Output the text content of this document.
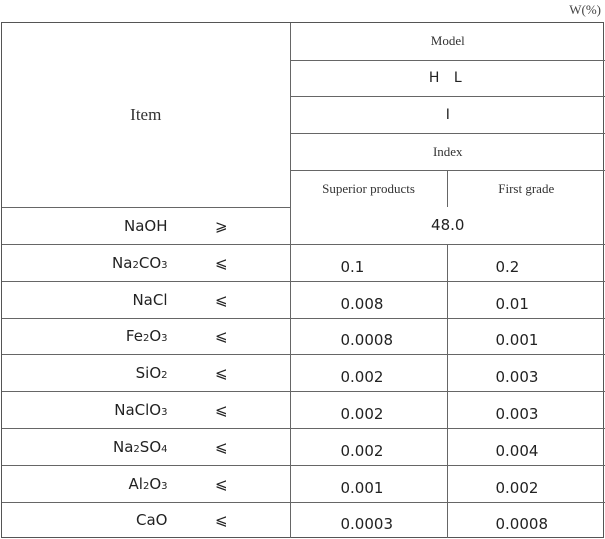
W(%)
Item	Model	
	H L	
	Ⅰ	
	Index	
	Superior products	First grade

NaOH ⩾	48.0	

Na2CO3 ⩽	0.1	0.2

NaCl ⩽	0.008	0.01

Fe2O3 ⩽	0.0008	0.001

SiO2 ⩽	0.002	0.003

NaClO3 ⩽	0.002	0.003

Na2SO4 ⩽	0.002	0.004

Al2O3 ⩽	0.001	0.002

CaO ⩽	0.0003	0.0008
